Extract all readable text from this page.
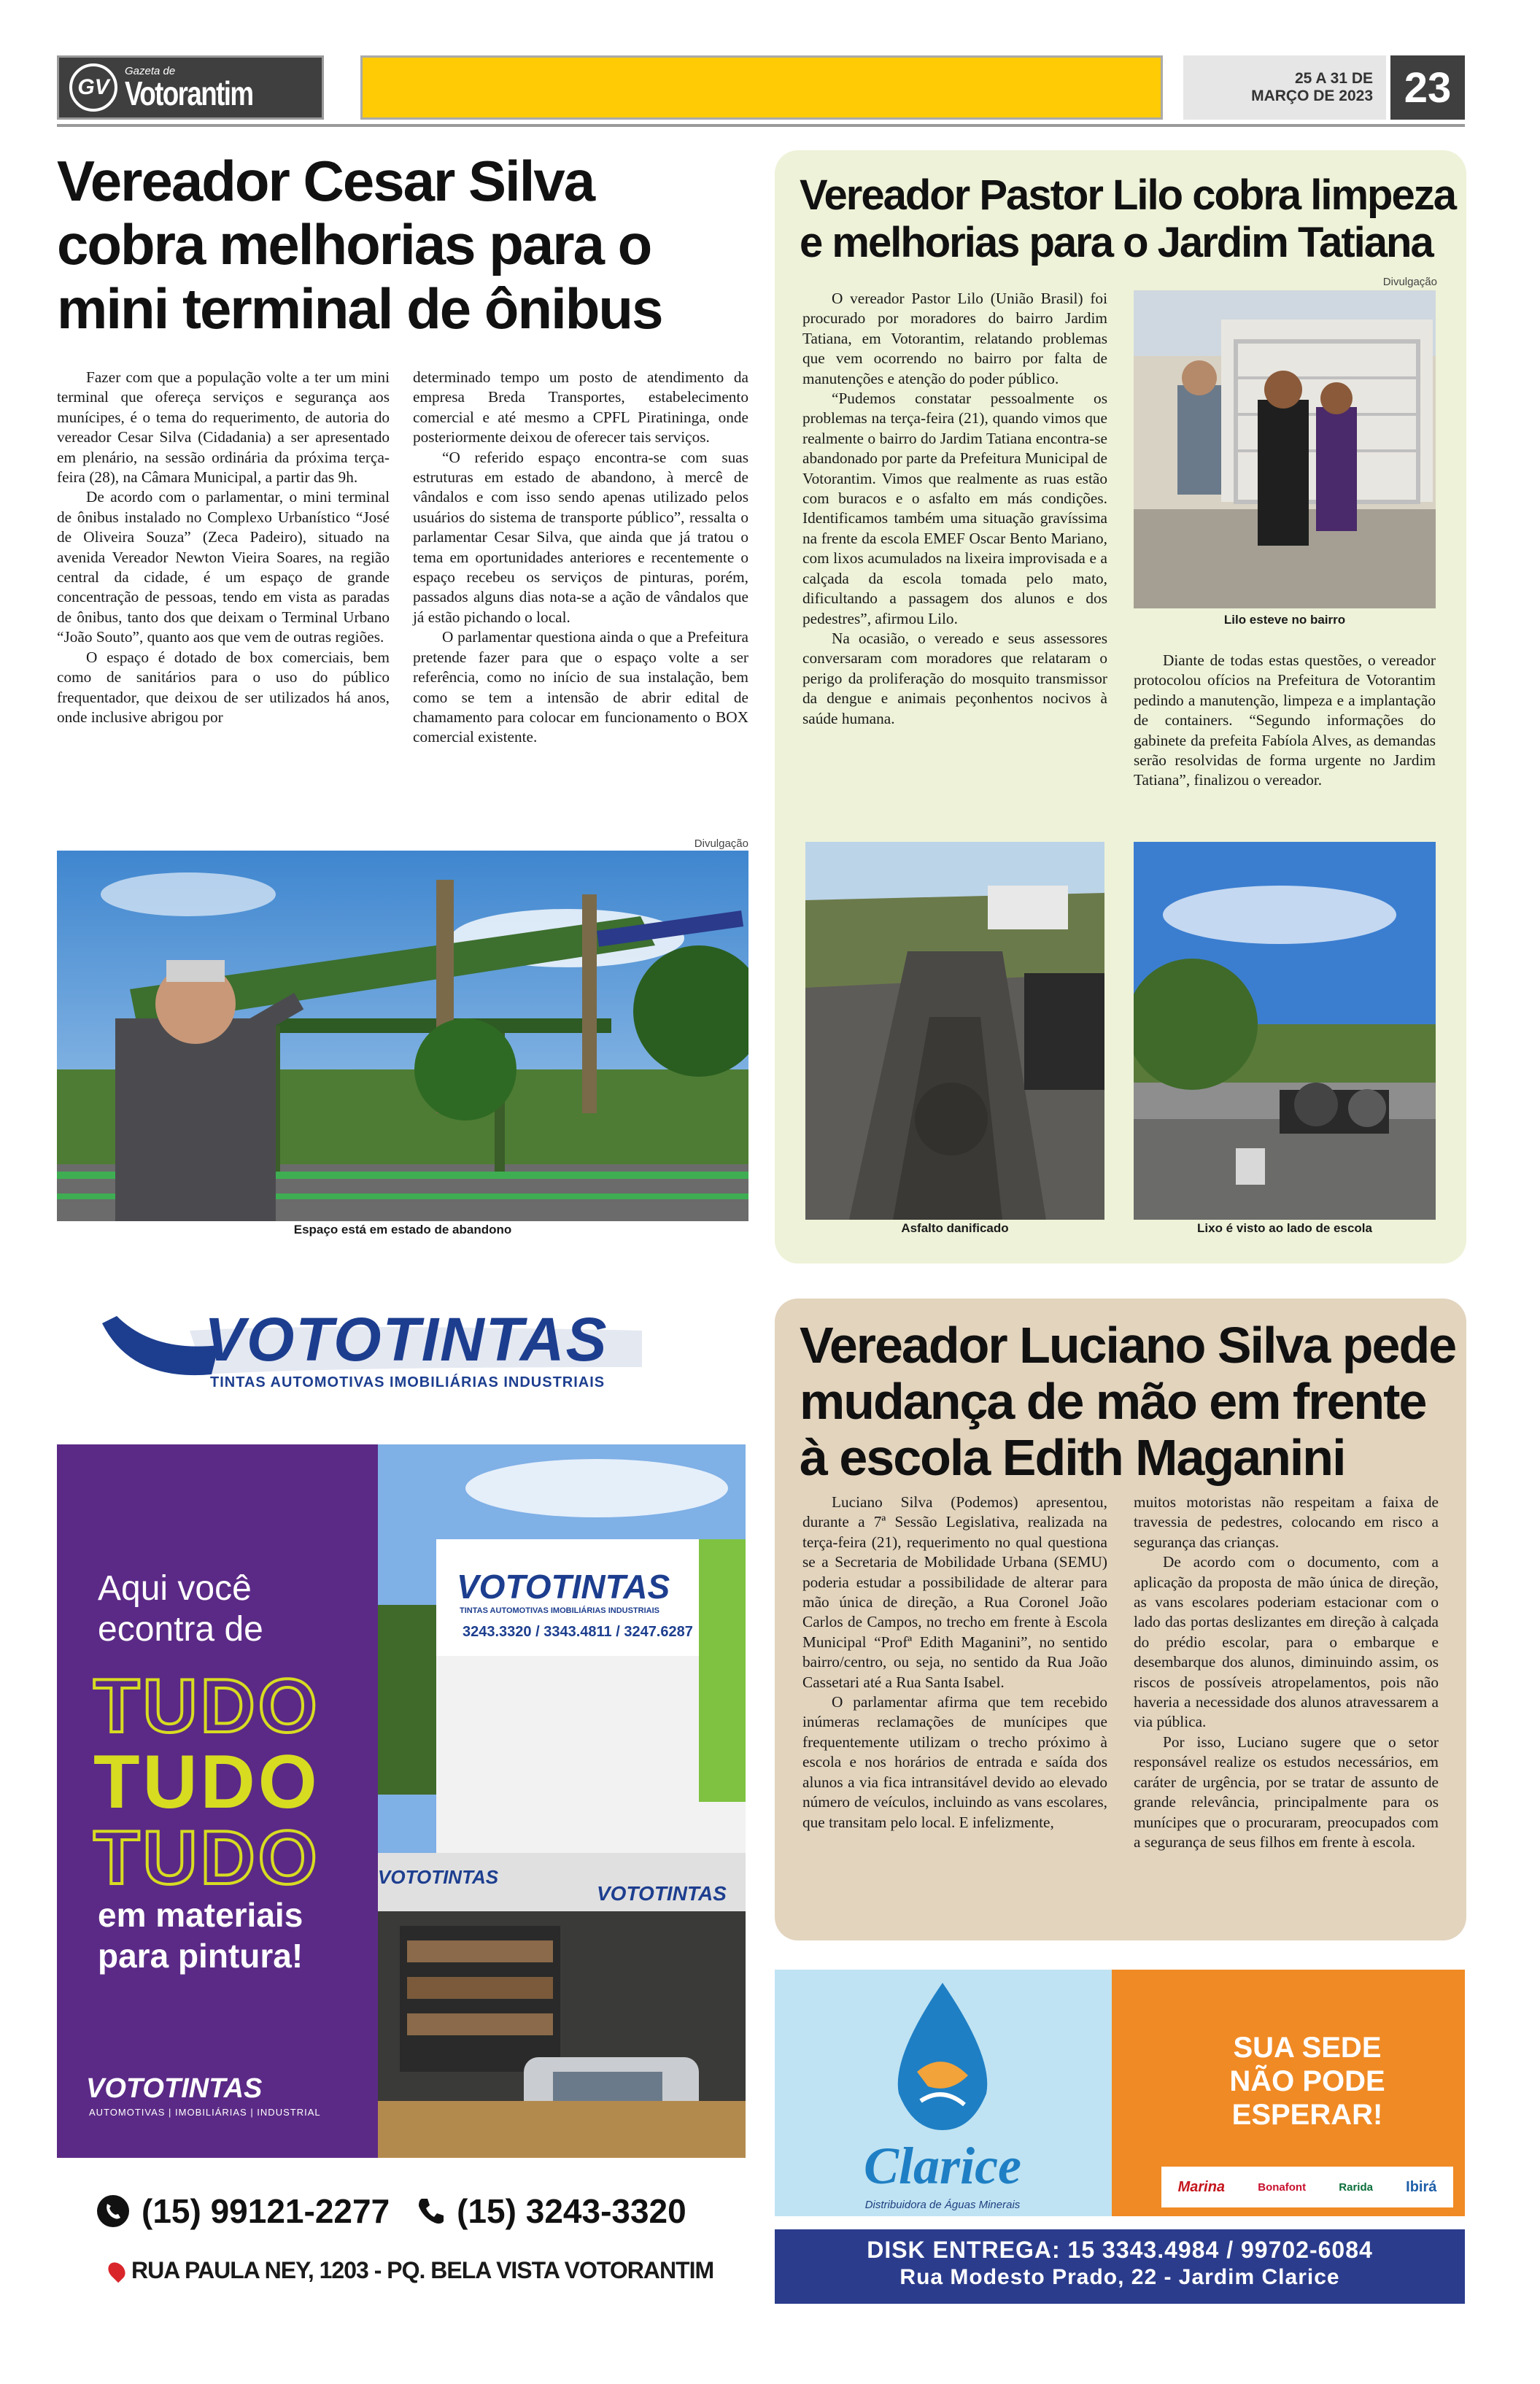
GV
Gazeta de
Votorantim	25 A 31 DE
MARÇO DE 2023 23
Vereador Cesar Silva cobra melhorias para o mini terminal de ônibus

Fazer com que a população volte a ter um mini terminal que ofereça serviços e segurança aos munícipes, é o tema do requerimento, de autoria do vereador Cesar Silva (Cidadania) a ser apresentado em plenário, na sessão ordinária da próxima terça-feira (28), na Câmara Municipal, a partir das 9h.

De acordo com o parlamentar, o mini terminal de ônibus instalado no Complexo Urbanístico “José de Oliveira Souza” (Zeca Padeiro), situado na avenida Vereador Newton Vieira Soares, na região central da cidade, é um espaço de grande concentração de pessoas, tendo em vista as paradas de ônibus, tanto dos que deixam o Terminal Urbano “João Souto”, quanto aos que vem de outras regiões.

O espaço é dotado de box comerciais, bem como de sanitários para o uso do público frequentador, que deixou de ser utilizados há anos, onde inclusive abrigou por

determinado tempo um posto de atendimento da empresa Breda Transportes, estabelecimento comercial e até mesmo a CPFL Piratininga, onde posteriormente deixou de oferecer tais serviços.

“O referido espaço encontra-se com suas estruturas em estado de abandono, à mercê de vândalos e com isso sendo apenas utilizado pelos usuários do sistema de transporte público”, ressalta o parlamentar Cesar Silva, que ainda que já tratou o tema em oportunidades anteriores e recentemente o espaço recebeu os serviços de pinturas, porém, passados alguns dias nota-se a ação de vândalos que já estão pichando o local.

O parlamentar questiona ainda o que a Prefeitura pretende fazer para que o espaço volte a ser referência, como no início de sua instalação, bem como se tem a intensão de abrir edital de chamamento para colocar em funcionamento o BOX comercial existente.

Divulgação
Espaço está em estado de abandono
Vereador Pastor Lilo cobra limpeza e melhorias para o Jardim Tatiana
Divulgação

O vereador Pastor Lilo (União Brasil) foi procurado por moradores do bairro Jardim Tatiana, em Votorantim, relatando problemas que vem ocorrendo no bairro por falta de manutenções e atenção do poder público.

“Pudemos constatar pessoalmente os problemas na terça-feira (21), quando vimos que realmente o bairro do Jardim Tatiana encontra-se abandonado por parte da Prefeitura Municipal de Votorantim. Vimos que realmente as ruas estão com buracos e o asfalto em más condições. Identificamos também uma situação gravíssima na frente da escola EMEF Oscar Bento Mariano, com lixos acumulados na lixeira improvisada e a calçada da escola tomada pelo mato, dificultando a passagem dos alunos e dos pedestres”, afirmou Lilo.

Na ocasião, o vereado e seus assessores conversaram com moradores que relataram o perigo da proliferação do mosquito transmissor da dengue e animais peçonhentos nocivos à saúde humana.

Lilo esteve no bairro

Diante de todas estas questões, o vereador protocolou ofícios na Prefeitura de Votorantim pedindo a manutenção, limpeza e a implantação de containers. “Segundo informações do gabinete da prefeita Fabíola Alves, as demandas serão resolvidas de forma urgente no Jardim Tatiana”, finalizou o vereador.

Asfalto danificado	Lixo é visto ao lado de escola
VOTOTINTAS
TINTAS AUTOMOTIVAS IMOBILIÁRIAS INDUSTRIAIS
Aqui você
econtra de
TUDO
TUDO
TUDO
em materiais
para pintura!
VOTOTINTAS
AUTOMOTIVAS | IMOBILIÁRIAS | INDUSTRIAL
VOTOTINTAS
TINTAS AUTOMOTIVAS IMOBILIÁRIAS INDUSTRIAIS
3243.3320 / 3343.4811 / 3247.6287
VOTOTINTAS
VOTOTINTAS
(15) 99121-2277 (15) 3243-3320
RUA PAULA NEY, 1203 - PQ. BELA VISTA VOTORANTIM
Vereador Luciano Silva pede mudança de mão em frente à escola Edith Maganini

Luciano Silva (Podemos) apresentou, durante a 7ª Sessão Legislativa, realizada na terça-feira (21), requerimento no qual questiona se a Secretaria de Mobilidade Urbana (SEMU) poderia estudar a possibilidade de alterar para mão única de direção, a Rua Coronel João Carlos de Campos, no trecho em frente à Escola Municipal “Profª Edith Maganini”, no sentido bairro/centro, ou seja, no sentido da Rua João Cassetari até a Rua Santa Isabel.

O parlamentar afirma que tem recebido inúmeras reclamações de munícipes que frequentemente utilizam o trecho próximo à escola e nos horários de entrada e saída dos alunos a via fica intransitável devido ao elevado número de veículos, incluindo as vans escolares, que transitam pelo local. E infelizmente,

muitos motoristas não respeitam a faixa de travessia de pedestres, colocando em risco a segurança das crianças.

De acordo com o documento, com a aplicação da proposta de mão única de direção, as vans escolares poderiam estacionar com o lado das portas deslizantes em direção à calçada do prédio escolar, para o embarque e desembarque dos alunos, diminuindo assim, os riscos de possíveis atropelamentos, pois não haveria a necessidade dos alunos atravessarem a via pública.

Por isso, Luciano sugere que o setor responsável realize os estudos necessários, em caráter de urgência, por se tratar de assunto de grande relevância, principalmente para os munícipes que o procuraram, preocupados com a segurança de seus filhos em frente à escola.

Clarice
Distribuidora de Águas Minerais
SUA SEDE
NÃO PODE
ESPERAR!
Marina	Bonafont	Rarida Ibirá
DISK ENTREGA: 15 3343.4984 / 99702-6084
Rua Modesto Prado, 22 - Jardim Clarice
